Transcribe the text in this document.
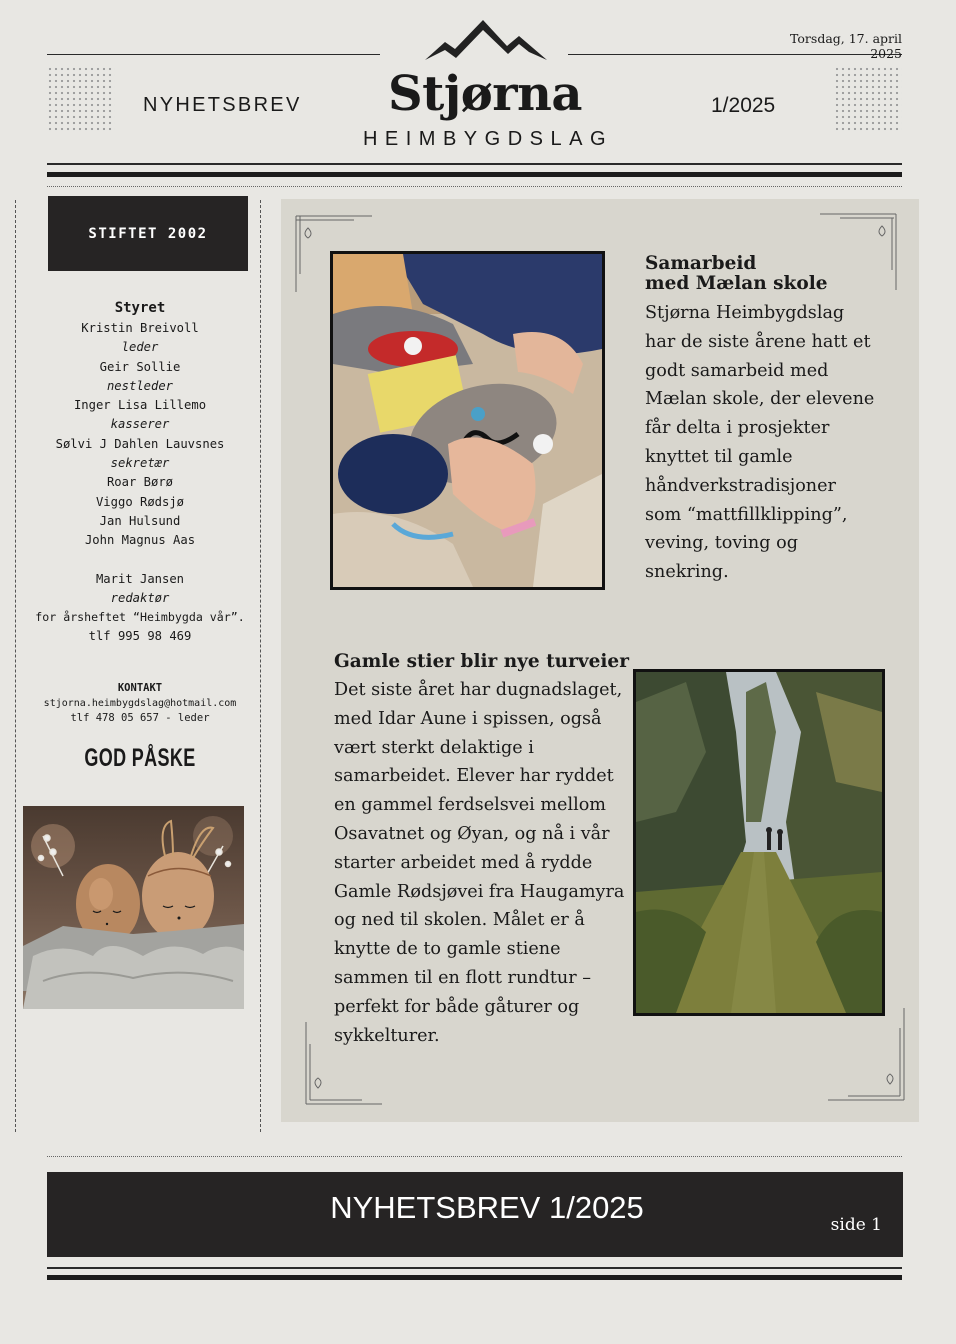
Torsdag, 17. april 2025
NYHETSBREV Stjørna
HEIMBYGDSLAG
1/2025
STIFTET 2002
Styret
Kristin Breivoll
leder
Geir Sollie
nestleder
Inger Lisa Lillemo
kasserer
Sølvi J Dahlen Lauvsnes
sekretær
Roar Børø
Viggo Rødsjø
Jan Hulsund
John Magnus Aas
Marit Jansen
redaktør
for årsheftet “Heimbygda vår”.
tlf 995 98 469
KONTAKT
stjorna.heimbygdslag@hotmail.com
tlf 478 05 657 - leder
GOD PÅSKE
Samarbeid
med Mælan skole
Stjørna Heimbygdslag
har de siste årene hatt et
godt samarbeid med
Mælan skole, der elevene
får delta i prosjekter
knyttet til gamle
håndverkstradisjoner
som “mattfillklipping”,
veving, toving og
snekring.
Gamle stier blir nye turveier
Det siste året har dugnadslaget,
med Idar Aune i spissen, også
vært sterkt delaktige i
samarbeidet. Elever har ryddet
en gammel ferdselsvei mellom
Osavatnet og Øyan, og nå i vår
starter arbeidet med å rydde
Gamle Rødsjøvei fra Haugamyra
og ned til skolen. Målet er å
knytte de to gamle stiene
sammen til en flott rundtur –
perfekt for både gåturer og
sykkelturer.
NYHETSBREV 1/2025	side 1
